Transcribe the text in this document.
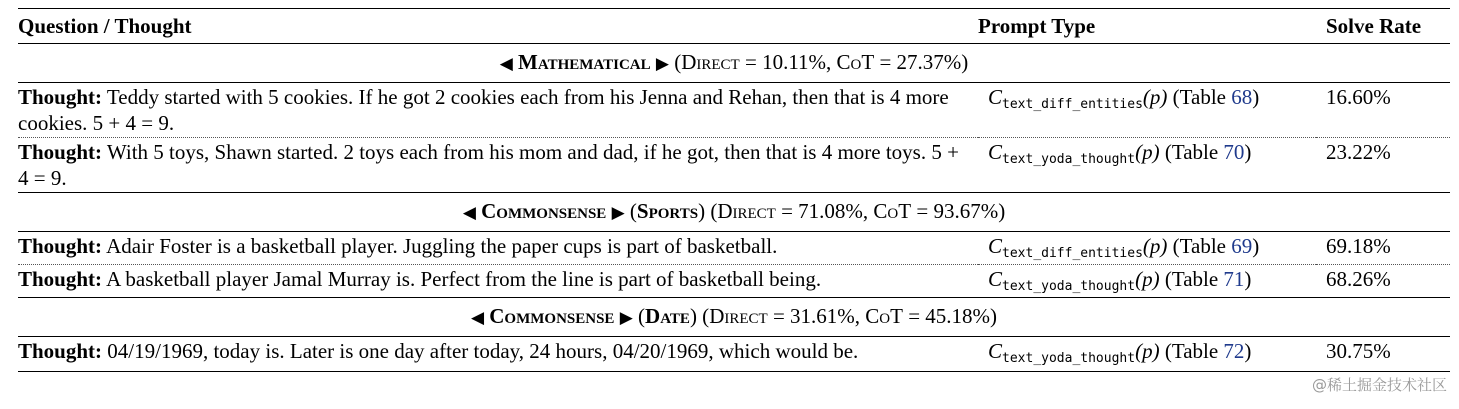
Question / Thought	Prompt Type	Solve Rate
◀ Mathematical ▶ (Direct = 10.11%, CoT = 27.37%)		
Thought: Teddy started with 5 cookies. If he got 2 cookies each from his Jenna and Rehan, then that is 4 more cookies. 5 + 4 = 9.	Ctext_diff_entities(p) (Table 68)	16.60%
Thought: With 5 toys, Shawn started. 2 toys each from his mom and dad, if he got, then that is 4 more toys. 5 + 4 = 9.	Ctext_yoda_thought(p) (Table 70)	23.22%
◀ Commonsense ▶ (Sports) (Direct = 71.08%, CoT = 93.67%)		
Thought: Adair Foster is a basketball player. Juggling the paper cups is part of basketball.	Ctext_diff_entities(p) (Table 69)	69.18%
Thought: A basketball player Jamal Murray is. Perfect from the line is part of basketball being.	Ctext_yoda_thought(p) (Table 71)	68.26%
◀ Commonsense ▶ (Date) (Direct = 31.61%, CoT = 45.18%)		
Thought: 04/19/1969, today is. Later is one day after today, 24 hours, 04/20/1969, which would be.	Ctext_yoda_thought(p) (Table 72)	30.75%
@稀土掘金技术社区
